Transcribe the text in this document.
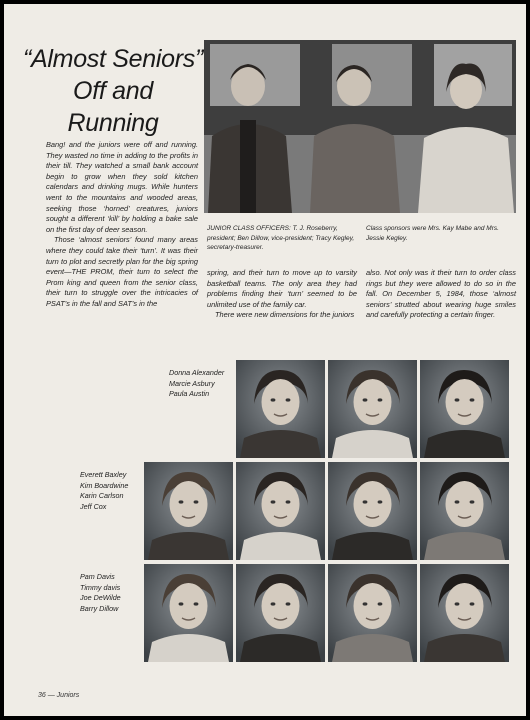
“Almost Seniors”
Off and
Running
JUNIOR CLASS OFFICERS: T. J. Roseberry, president; Ben Dillow, vice-president; Tracy Kegley, secretary-treasurer.
Class sponsors were Mrs. Kay Mabe and Mrs. Jessie Kegley.

Bang! and the juniors were off and running. They wasted no time in adding to the profits in their till. They watched a small bank account begin to grow when they sold kitchen calendars and drinking mugs. While hunters went to the mountains and wooded areas, seeking those ‘horned’ creatures, juniors sought a different ‘kill’ by holding a bake sale on the first day of deer season.

Those ‘almost seniors’ found many areas where they could take their ‘turn’. It was their turn to plot and secretly plan for the big spring event—THE PROM, their turn to select the Prom king and queen from the senior class, their turn to struggle over the intricacies of PSAT’s in the fall and SAT’s in the

spring, and their turn to move up to varsity basketball teams. The only area they had problems finding their ‘turn’ seemed to be unlimited use of the family car.

There were new dimensions for the juniors

also. Not only was it their turn to order class rings but they were allowed to do so in the fall. On December 5, 1984, those ‘almost seniors’ strutted about wearing huge smiles and carefully protecting a certain finger.

Donna Alexander
Marcie Asbury
Paula Austin
Everett Baxley
Kim Boardwine
Karin Carlson
Jeff Cox
Pam Davis
Timmy davis
Joe DeWilde
Barry Dillow
36 — Juniors
